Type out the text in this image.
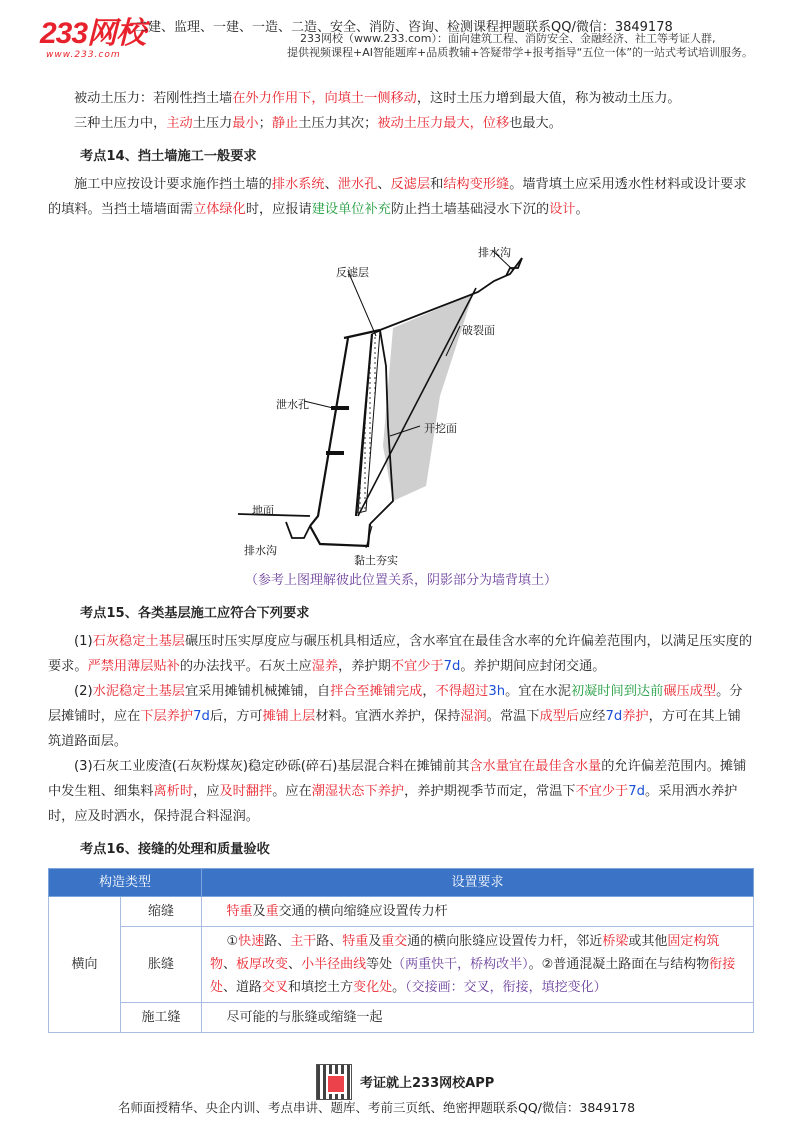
233网校
www.233.com
二建、监理、一建、一造、二造、安全、消防、咨询、检测课程押题联系QQ/微信：3849178
233网校（www.233.com）：面向建筑工程、消防安全、金融经济、社工等考证人群,
提供视频课程+AI智能题库+品质教辅+答疑带学+报考指导“五位一体”的一站式考试培训服务。

被动土压力：若刚性挡土墙在外力作用下，向填土一侧移动，这时土压力增到最大值，称为被动土压力。

三种土压力中，主动土压力最小；静止土压力其次；被动土压力最大，位移也最大。

考点14、挡土墙施工一般要求

施工中应按设计要求施作挡土墙的排水系统、泄水孔、反滤层和结构变形缝。墙背填土应采用透水性材料或设计要求的填料。当挡土墙墙面需立体绿化时，应报请建设单位补充防止挡土墙基础浸水下沉的设计。

排水沟
反滤层
破裂面
泄水孔
开挖面
地面
黏土夯实
排水沟
（参考上图理解彼此位置关系，阴影部分为墙背填土）
考点15、各类基层施工应符合下列要求

(1)石灰稳定土基层碾压时压实厚度应与碾压机具相适应，含水率宜在最佳含水率的允许偏差范围内，以满足压实度的要求。严禁用薄层贴补的办法找平。石灰土应湿养，养护期不宜少于7d。养护期间应封闭交通。

(2)水泥稳定土基层宜采用摊铺机械摊铺，自拌合至摊铺完成，不得超过3h。宜在水泥初凝时间到达前碾压成型。分层摊铺时，应在下层养护7d后，方可摊铺上层材料。宜洒水养护，保持湿润。常温下成型后应经7d养护，方可在其上铺筑道路面层。

(3)石灰工业废渣(石灰粉煤灰)稳定砂砾(碎石)基层混合料在摊铺前其含水量宜在最佳含水量的允许偏差范围内。摊铺中发生粗、细集料离析时，应及时翻拌。应在潮湿状态下养护，养护期视季节而定，常温下不宜少于7d。采用洒水养护时，应及时洒水，保持混合料湿润。

考点16、接缝的处理和质量验收
构造类型		设置要求
横向	缩缝	特重及重交通的横向缩缝应设置传力杆
	胀缝	①快速路、主干路、特重及重交通的横向胀缝应设置传力杆，邻近桥梁或其他固定构筑物、板厚改变、小半径曲线等处（两重快干，桥构改半）。②普通混凝土路面在与结构物衔接处、道路交叉和填挖土方变化处。（交接画：交叉，衔接，填挖变化）
	施工缝	尽可能的与胀缝或缩缝一起
考证就上233网校APP
名师面授精华、央企内训、考点串讲、题库、考前三页纸、绝密押题联系QQ/微信：3849178
